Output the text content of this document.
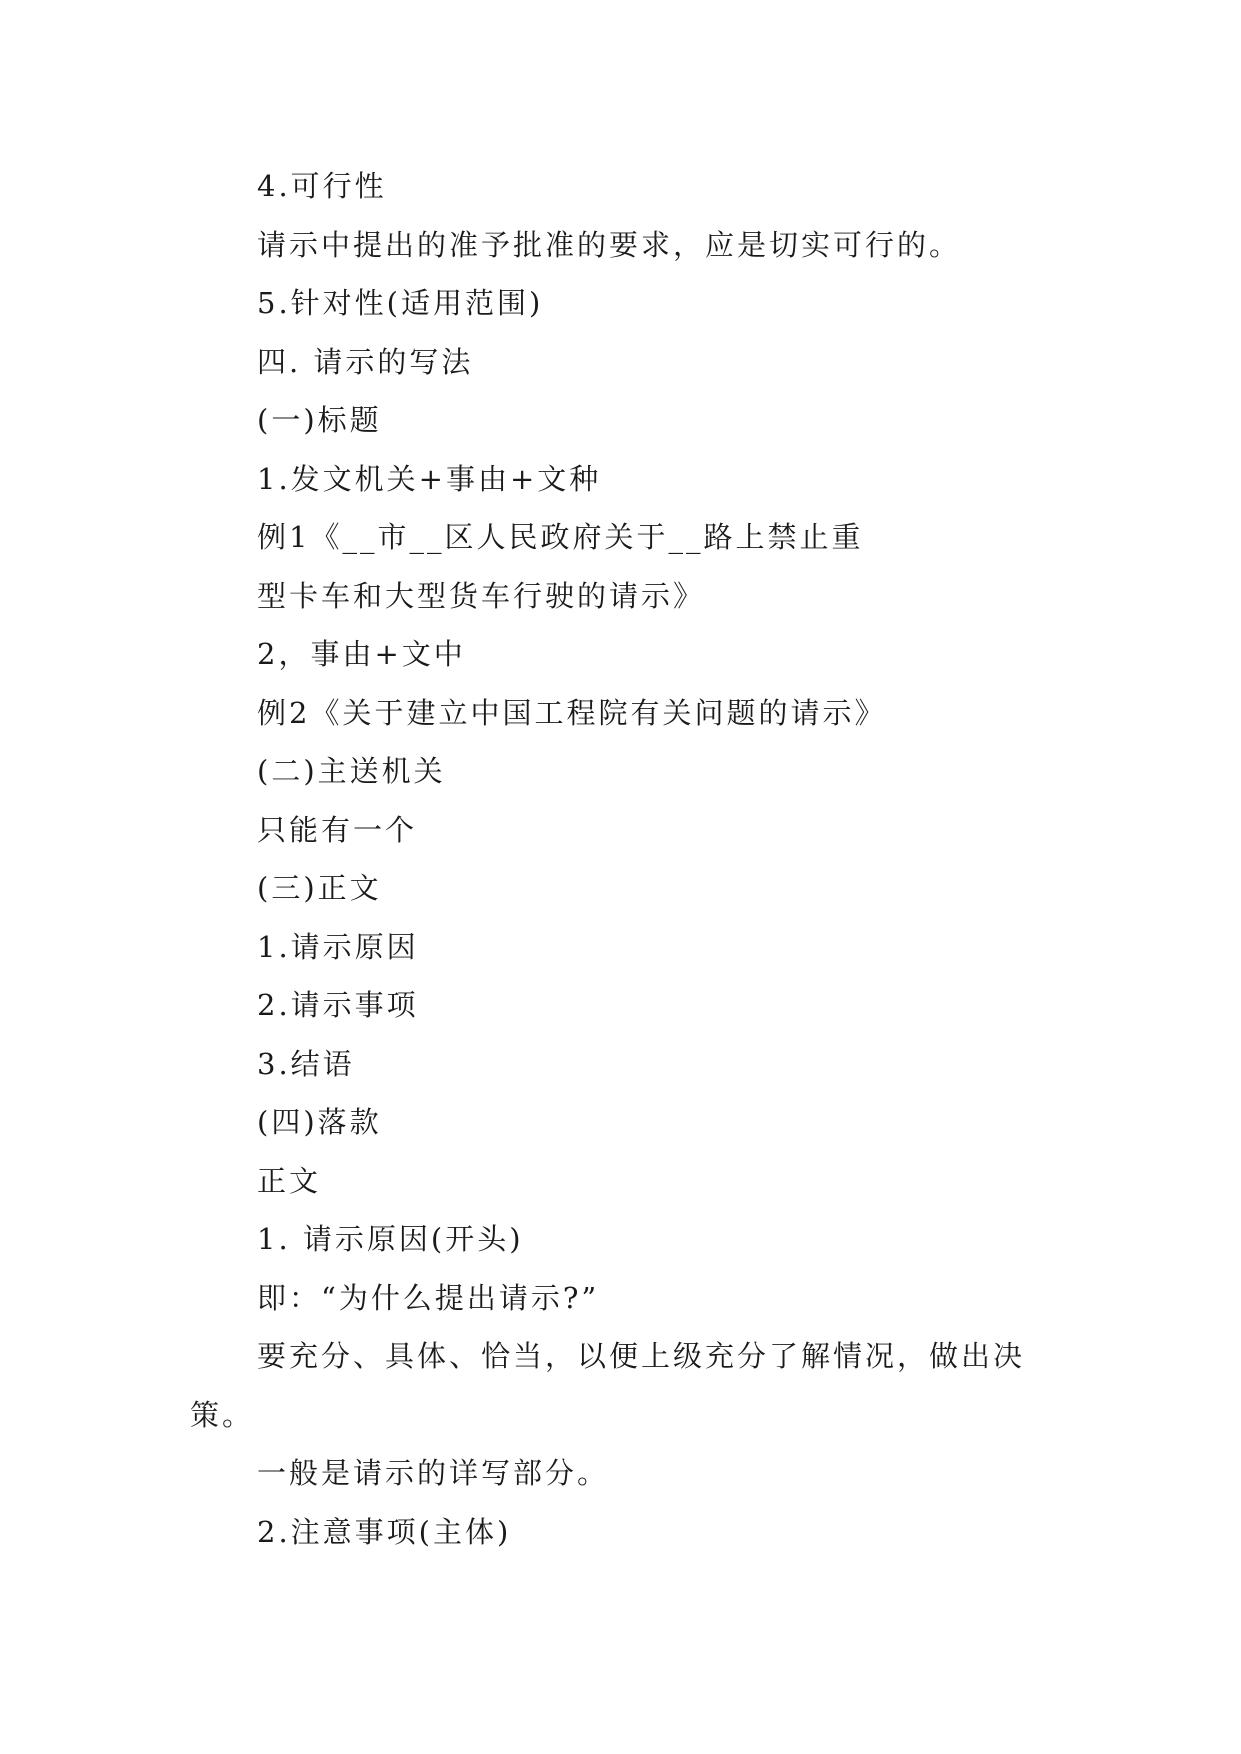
4.可行性
请示中提出的准予批准的要求，应是切实可行的。
5.针对性(适用范围)
四. 请示的写法
(一)标题
1.发文机关+事由+文种
例1《__市__区人民政府关于__路上禁止重
型卡车和大型货车行驶的请示》
2，事由+文中
例2《关于建立中国工程院有关问题的请示》
(二)主送机关
只能有一个
(三)正文
1.请示原因
2.请示事项
3.结语
(四)落款
正文
1. 请示原因(开头)
即：“为什么提出请示?”
要充分、具体、恰当，以便上级充分了解情况，做出决
策。
一般是请示的详写部分。
2.注意事项(主体)
